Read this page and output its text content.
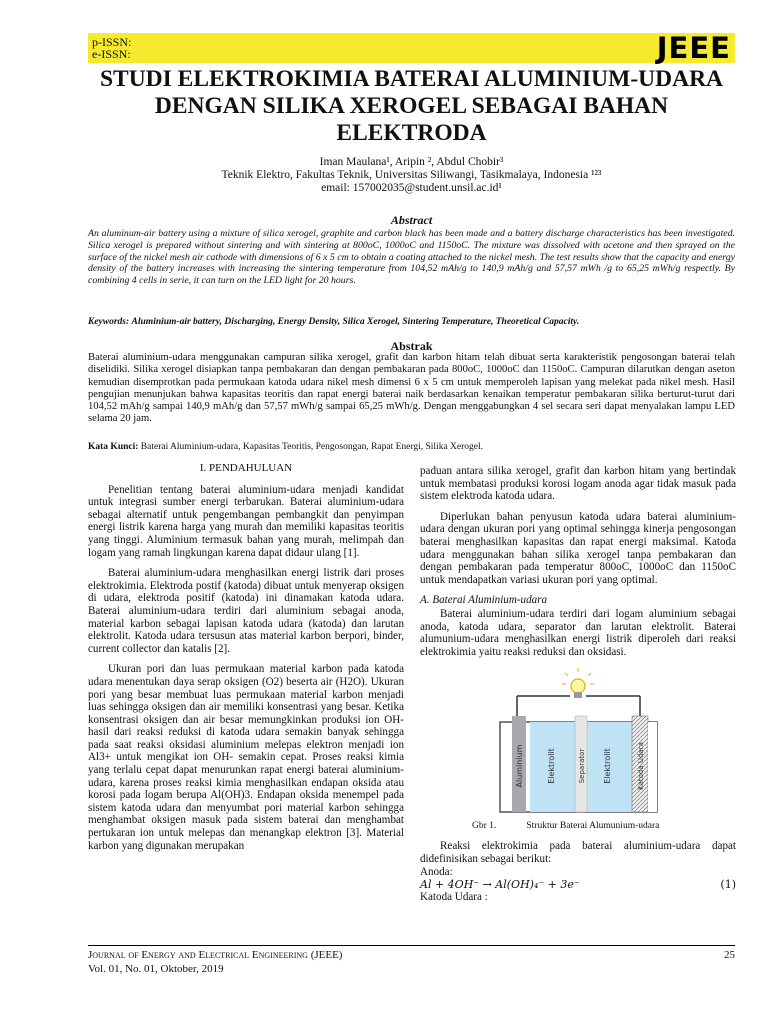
p-ISSN:
e-ISSN:	JEEE
STUDI ELEKTROKIMIA BATERAI ALUMINIUM-UDARA DENGAN SILIKA XEROGEL SEBAGAI BAHAN ELEKTRODA
Iman Maulana¹, Aripin ², Abdul Chobir³
Teknik Elektro, Fakultas Teknik, Universitas Siliwangi, Tasikmalaya, Indonesia ¹²³
email: 157002035@student.unsil.ac.id¹
Abstract
An aluminum-air battery using a mixture of silica xerogel, graphite and carbon black has been made and a battery discharge characteristics has been investigated. Silica xerogel is prepared without sintering and with sintering at 800oC, 1000oC and 1150oC. The mixture was dissolved with acetone and then sprayed on the surface of the nickel mesh air cathode with dimensions of 6 x 5 cm to obtain a coating attached to the nickel mesh. The test results show that the capacity and energy density of the battery increases with increasing the sintering temperature from 104,52 mAh/g to 140,9 mAh/g and 57,57 mWh /g to 65,25 mWh/g respectly. By combining 4 cells in serie, it can turn on the LED light for 20 hours.
Keywords: Aluminium-air battery, Discharging, Energy Density, Silica Xerogel, Sintering Temperature, Theoretical Capacity.
Abstrak
Baterai aluminium-udara menggunakan campuran silika xerogel, grafit dan karbon hitam telah dibuat serta karakteristik pengosongan baterai telah diselidiki. Silika xerogel disiapkan tanpa pembakaran dan dengan pembakaran pada 800oC, 1000oC dan 1150oC. Campuran dilarutkan dengan aseton kemudian disemprotkan pada permukaan katoda udara nikel mesh dimensi 6 x 5 cm untuk memperoleh lapisan yang melekat pada nikel mesh. Hasil pengujian menunjukan bahwa kapasitas teoritis dan rapat energi baterai naik berdasarkan kenaikan temperatur pembakaran silika berturut-turut dari 104,52 mAh/g sampai 140,9 mAh/g dan 57,57 mWh/g sampai 65,25 mWh/g. Dengan menggabungkan 4 sel secara seri dapat menyalakan lampu LED selama 20 jam.
Kata Kunci: Baterai Aluminium-udara, Kapasitas Teoritis, Pengosongan, Rapat Energi, Silika Xerogel.
I. PENDAHULUAN

Penelitian tentang baterai aluminium-udara menjadi kandidat untuk integrasi sumber energi terbarukan. Baterai aluminium-udara sebagai alternatif untuk pengembangan pembangkit dan penyimpan energi listrik karena harga yang murah dan memiliki kapasitas teoritis yang tinggi. Aluminium termasuk bahan yang murah, melimpah dan logam yang ramah lingkungan karena dapat didaur ulang [1].

Baterai aluminium-udara menghasilkan energi listrik dari proses elektrokimia. Elektroda postif (katoda) dibuat untuk menyerap oksigen di udara, elektroda positif (katoda) ini dinamakan katoda udara. Baterai aluminium-udara terdiri dari aluminium sebagai anoda, material karbon sebagai lapisan katoda udara (katoda) dan larutan elektrolit. Katoda udara tersusun atas material karbon berpori, binder, current collector dan katalis [2].

Ukuran pori dan luas permukaan material karbon pada katoda udara menentukan daya serap oksigen (O2) beserta air (H2O). Ukuran pori yang besar membuat luas permukaan material karbon menjadi luas sehingga oksigen dan air memiliki konsentrasi yang besar. Ketika konsentrasi oksigen dan air besar memungkinkan produksi ion OH- hasil dari reaksi reduksi di katoda udara semakin banyak sehingga pada saat reaksi oksidasi aluminium melepas elektron menjadi ion Al3+ untuk mengikat ion OH- semakin cepat. Proses reaksi kimia yang terlalu cepat dapat menurunkan rapat energi baterai aluminium-udara, karena proses reaksi kimia menghasilkan endapan oksida atau korosi pada logam berupa Al(OH)3. Endapan oksida menempel pada sistem katoda udara dan menyumbat pori material karbon sehingga menghambat oksigen masuk pada sistem baterai dan menghambat pertukaran ion untuk melepas dan menangkap elektron [3]. Material karbon yang digunakan merupakan

paduan antara silika xerogel, grafit dan karbon hitam yang bertindak untuk membatasi produksi korosi logam anoda agar tidak masuk pada sistem elektroda katoda udara.

Diperlukan bahan penyusun katoda udara baterai aluminium-udara dengan ukuran pori yang optimal sehingga kinerja pengosongan baterai menghasilkan kapasitas dan rapat energi maksimal. Katoda udara menggunakan bahan silika xerogel tanpa pembakaran dan dengan pembakaran pada temperatur 800oC, 1000oC dan 1150oC untuk mendapatkan variasi ukuran pori yang optimal.

A. Baterai Aluminium-udara

Baterai aluminium-udara terdiri dari logam aluminium sebagai anoda, katoda udara, separator dan larutan elektrolit. Baterai alumunium-udara menghasilkan energi listrik diperoleh dari reaksi elektrokimia yaitu reaksi reduksi dan oksidasi.

Aluminium	Elektrolit	Separator Elektrolit	Katoda Udara
Gbr 1.	Struktur Baterai Alumunium-udara

Reaksi elektrokimia pada baterai aluminium-udara dapat didefinisikan sebagai berikut:

Anoda:
Al + 4OH⁻ → Al(OH)₄⁻ + 3e⁻	(1)
Katoda Udara :
Journal of Energy and Electrical Engineering (JEEE)
Vol. 01, No. 01, Oktober, 2019
25
